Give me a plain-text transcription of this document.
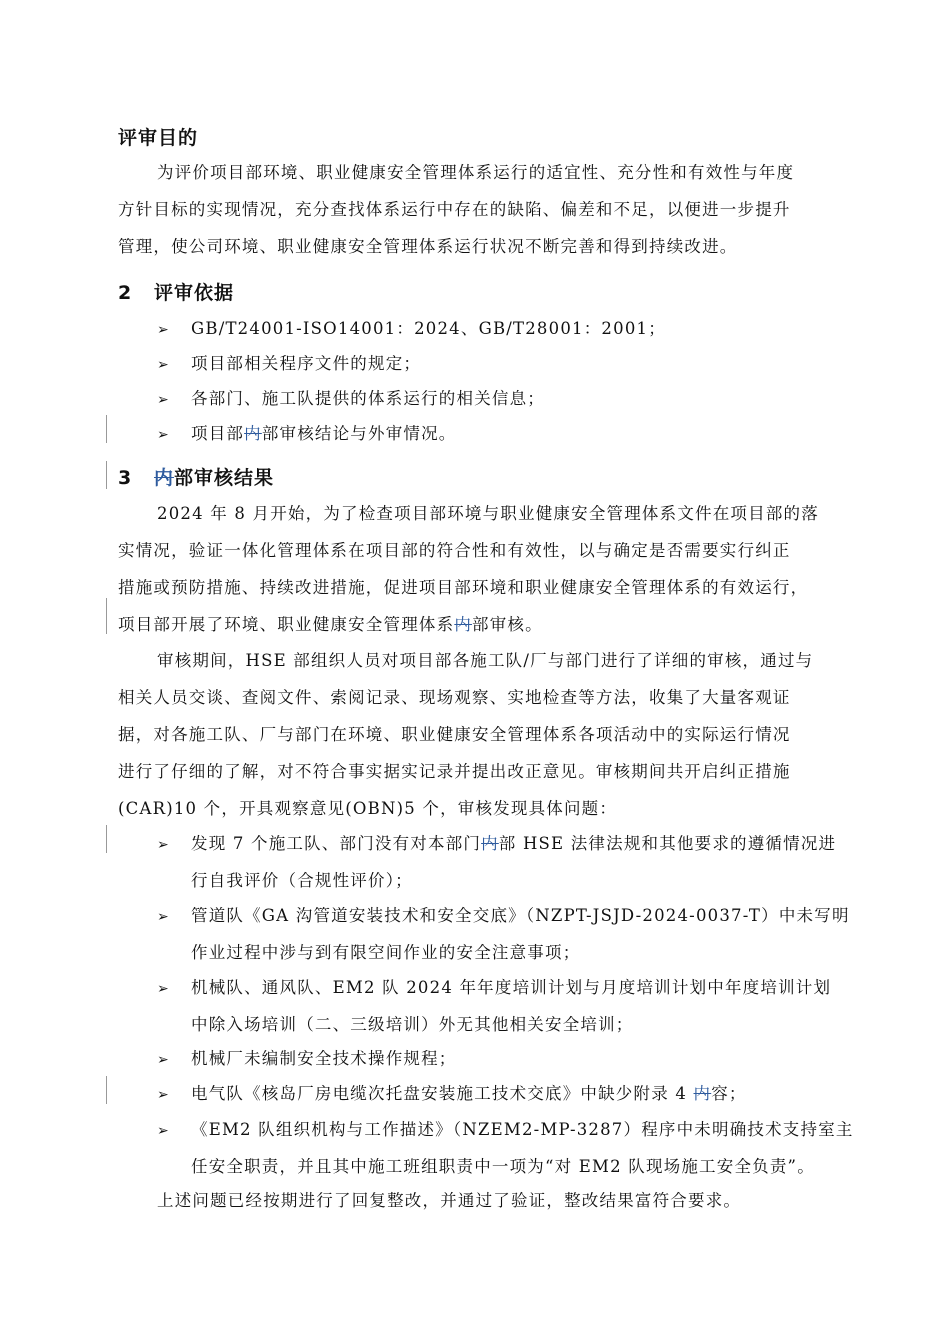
评审目的
为评价项目部环境、职业健康安全管理体系运行的适宜性、充分性和有效性与年度
方针目标的实现情况，充分查找体系运行中存在的缺陷、偏差和不足，以便进一步提升
管理，使公司环境、职业健康安全管理体系运行状况不断完善和得到持续改进。
2 评审依据
➢ GB/T24001-ISO14001：2024、GB/T28001：2001；
➢ 项目部相关程序文件的规定；
➢ 各部门、施工队提供的体系运行的相关信息；
➢ 项目部内部审核结论与外审情况。
3 内部审核结果
2024 年 8 月开始，为了检查项目部环境与职业健康安全管理体系文件在项目部的落
实情况，验证一体化管理体系在项目部的符合性和有效性，以与确定是否需要实行纠正
措施或预防措施、持续改进措施，促进项目部环境和职业健康安全管理体系的有效运行，
项目部开展了环境、职业健康安全管理体系内部审核。
审核期间，HSE 部组织人员对项目部各施工队/厂与部门进行了详细的审核，通过与
相关人员交谈、查阅文件、索阅记录、现场观察、实地检查等方法，收集了大量客观证
据，对各施工队、厂与部门在环境、职业健康安全管理体系各项活动中的实际运行情况
进行了仔细的了解，对不符合事实据实记录并提出改正意见。审核期间共开启纠正措施
(CAR)10 个，开具观察意见(OBN)5 个，审核发现具体问题：
➢ 发现 7 个施工队、部门没有对本部门内部 HSE 法律法规和其他要求的遵循情况进
行自我评价（合规性评价）；
➢ 管道队《GA 沟管道安装技术和安全交底》（NZPT-JSJD-2024-0037-T）中未写明
作业过程中涉与到有限空间作业的安全注意事项；
➢ 机械队、通风队、EM2 队 2024 年年度培训计划与月度培训计划中年度培训计划
中除入场培训（二、三级培训）外无其他相关安全培训；
➢ 机械厂未编制安全技术操作规程；
➢ 电气队《核岛厂房电缆次托盘安装施工技术交底》中缺少附录 4 内容；
➢ 《EM2 队组织机构与工作描述》（NZEM2-MP-3287）程序中未明确技术支持室主
任安全职责，并且其中施工班组职责中一项为“对 EM2 队现场施工安全负责”。
上述问题已经按期进行了回复整改，并通过了验证，整改结果富符合要求。
